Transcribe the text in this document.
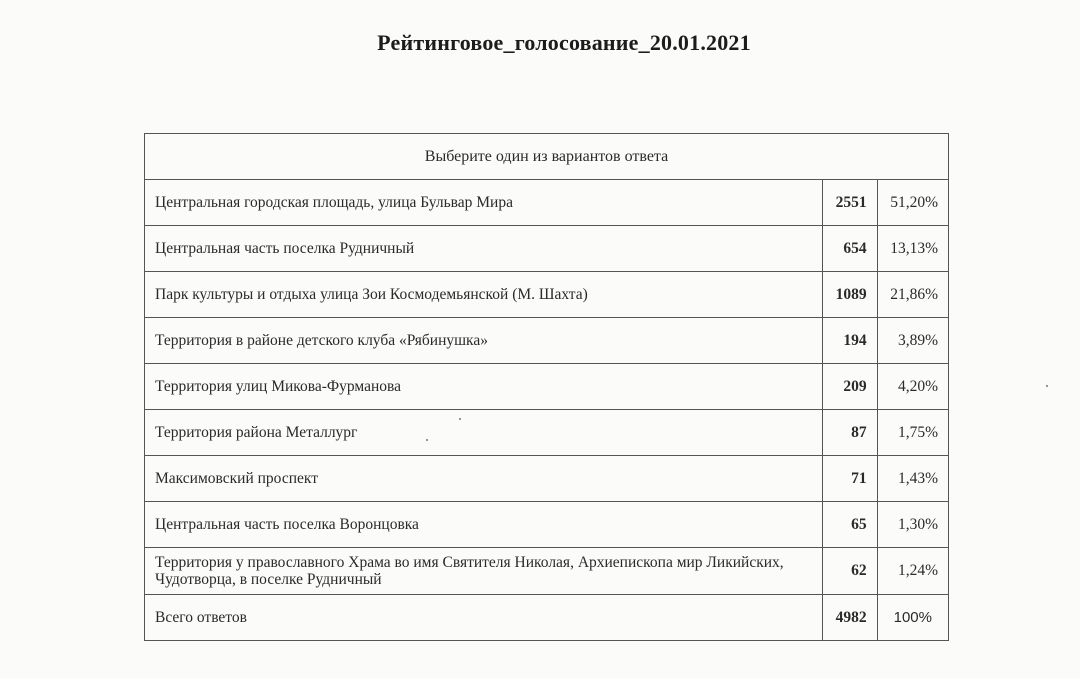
Рейтинговое_голосование_20.01.2021
Выберите один из вариантов ответа		
Центральная городская площадь, улица Бульвар Мира	2551	51,20%
Центральная часть поселка Рудничный	654	13,13%
Парк культуры и отдыха улица Зои Космодемьянской (М. Шахта)	1089	21,86%
Территория в районе детского клуба «Рябинушка»	194	3,89%
Территория улиц Микова-Фурманова	209	4,20%
Территория района Металлург	87	1,75%
Максимовский проспект	71	1,43%
Центральная часть поселка Воронцовка	65	1,30%
Территория у православного Храма во имя Святителя Николая, Архиепископа мир Ликийских, Чудотворца, в поселке Рудничный	62	1,24%
Всего ответов	4982	100%
